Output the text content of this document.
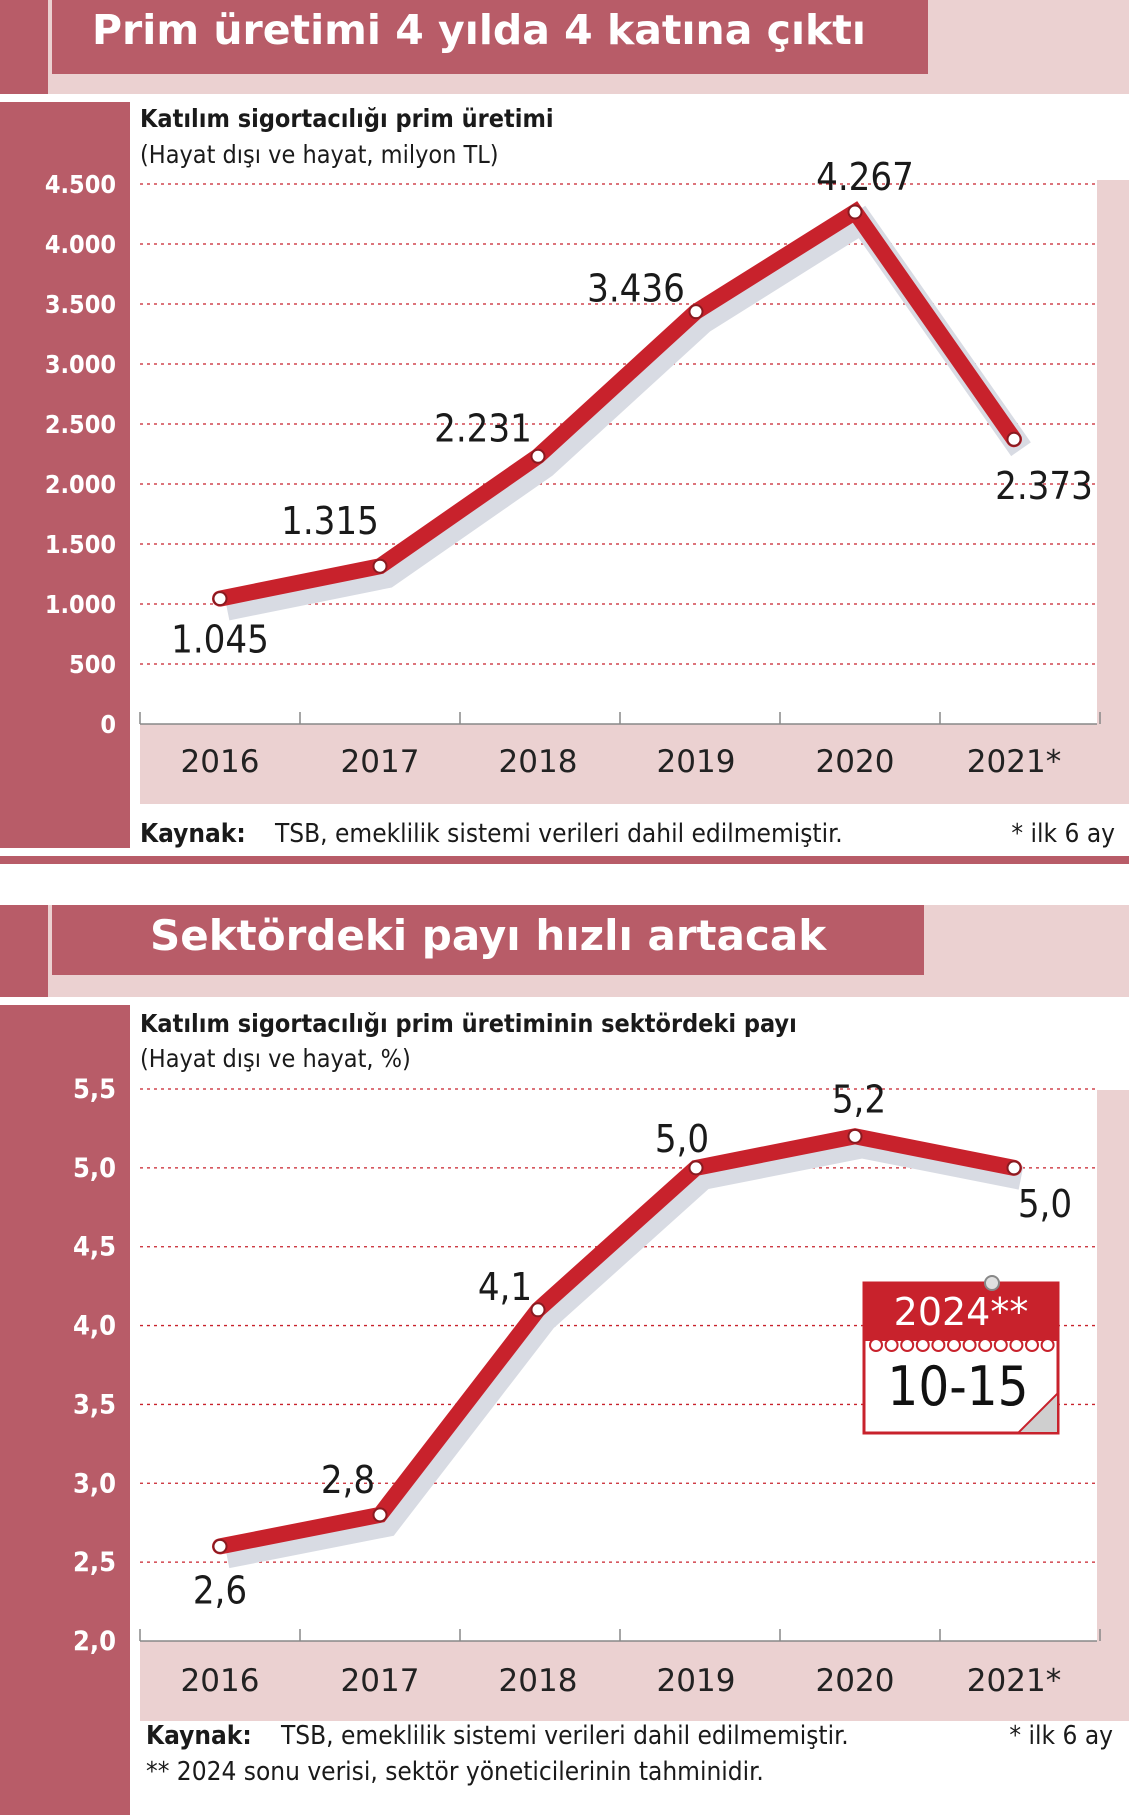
Prim üretimi 4 yılda 4 katına çıktı
Katılım sigortacılığı prim üretimi
(Hayat dışı ve hayat, milyon TL)
0
500
1.000
1.500
2.000
2.500
3.000
3.500
4.000
4.500
2016	2017	2018	2019	2020 2021*
1.045
1.315
2.231
3.436
4.267
2.373
Kaynak: TSB, emeklilik sistemi verileri dahil edilmemiştir.	* ilk 6 ay
Sektördeki payı hızlı artacak
Katılım sigortacılığı prim üretiminin sektördeki payı
(Hayat dışı ve hayat, %)
2,0
2,5
3,0
3,5
4,0
4,5
5,0
5,5
2016	2017	2018	2019	2020 2021*
2,6
2,8
4,1
5,0
5,2
5,0
2024**
10-15
Kaynak: TSB, emeklilik sistemi verileri dahil edilmemiştir.	* ilk 6 ay
** 2024 sonu verisi, sektör yöneticilerinin tahminidir.
